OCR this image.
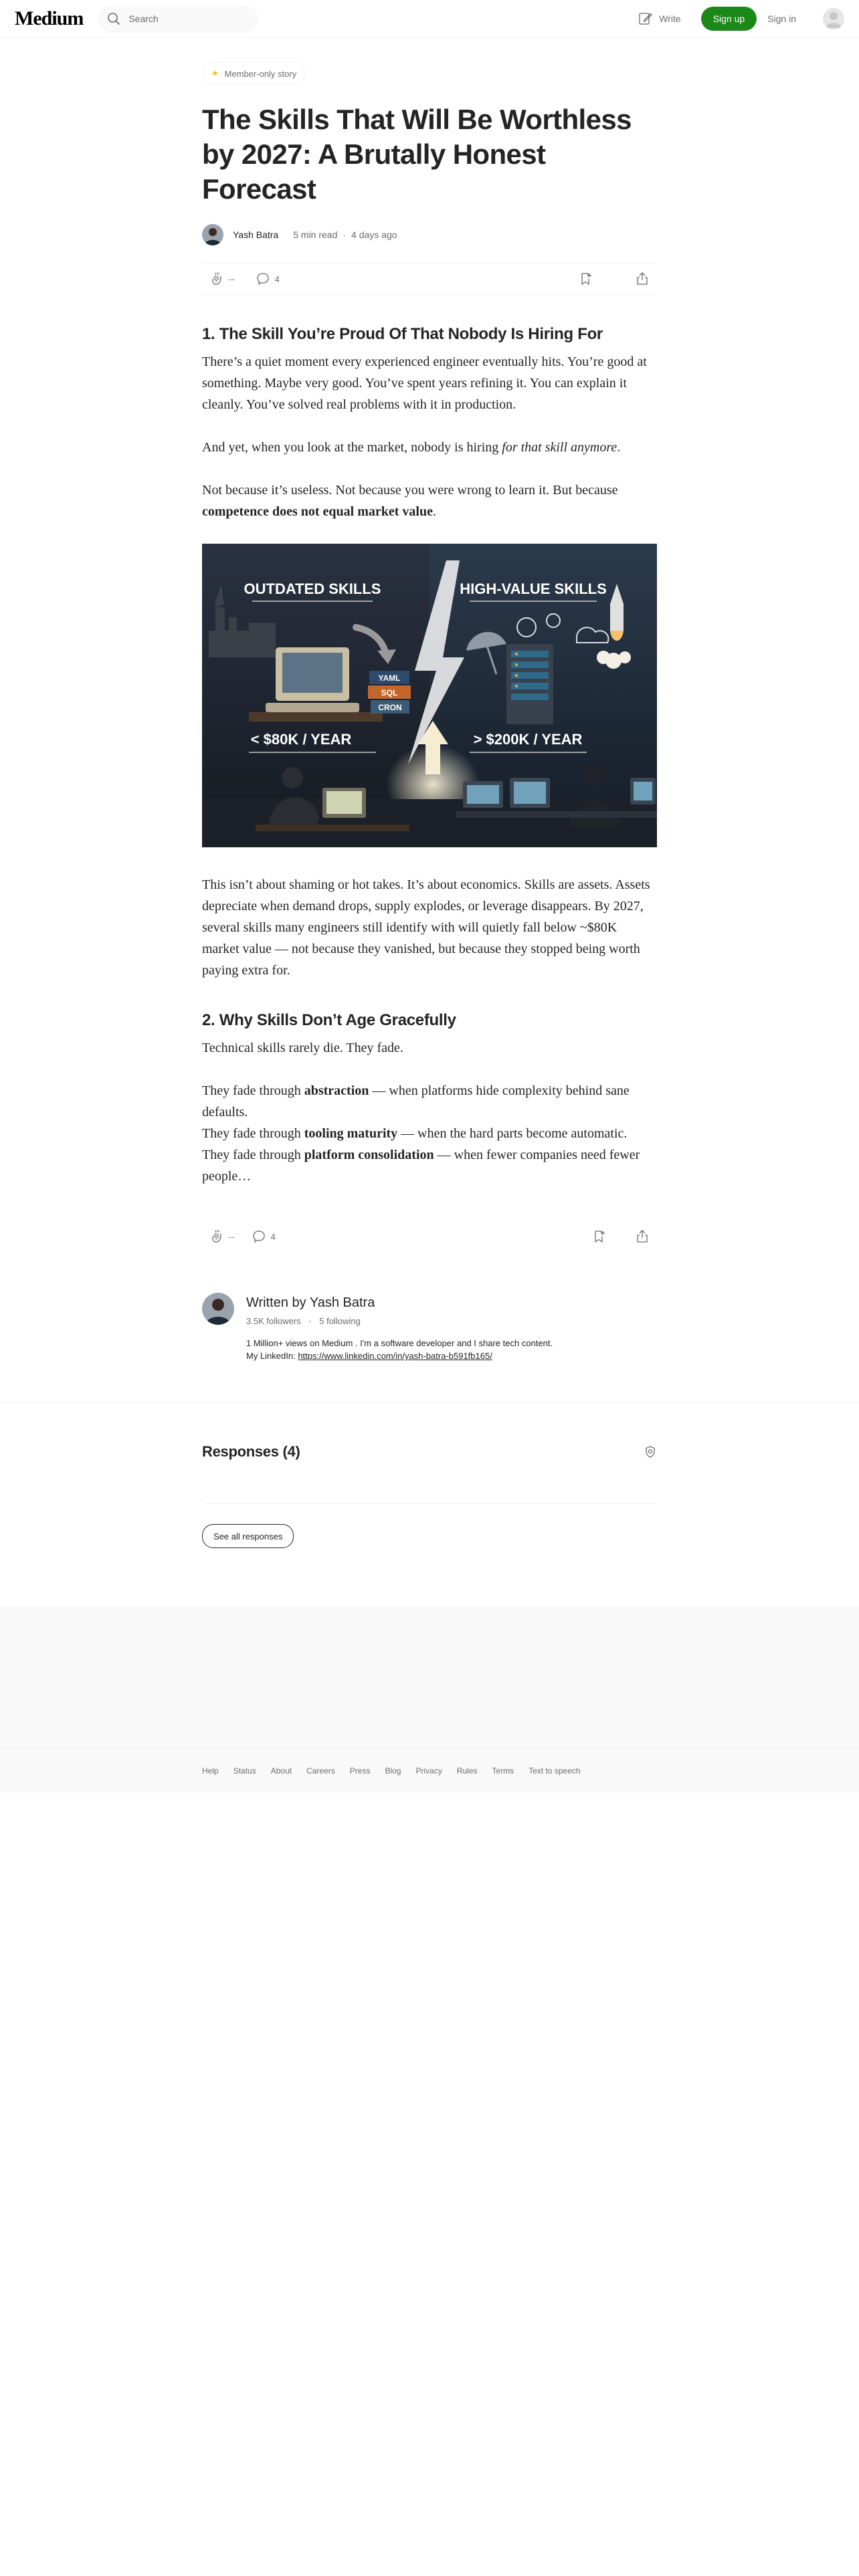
Medium	Search	Write	Sign up	Sign in
✦ Member-only story
The Skills That Will Be Worthless by 2027: A Brutally Honest Forecast
Yash Batra 5 min read · 4 days ago
--	4
1. The Skill You’re Proud Of That Nobody Is Hiring For

There’s a quiet moment every experienced engineer eventually hits. You’re good at something. Maybe very good. You’ve spent years refining it. You can explain it cleanly. You’ve solved real problems with it in production.

And yet, when you look at the market, nobody is hiring for that skill anymore.

Not because it’s useless. Not because you were wrong to learn it. But because competence does not equal market value.

OUTDATED SKILLS	HIGH-VALUE SKILLS
YAML
SQL
CRON
< $80K / YEAR	> $200K / YEAR

This isn’t about shaming or hot takes. It’s about economics. Skills are assets. Assets depreciate when demand drops, supply explodes, or leverage disappears. By 2027, several skills many engineers still identify with will quietly fall below ~$80K market value — not because they vanished, but because they stopped being worth paying extra for.

2. Why Skills Don’t Age Gracefully

Technical skills rarely die. They fade.

They fade through abstraction — when platforms hide complexity behind sane defaults.

They fade through tooling maturity — when the hard parts become automatic.

They fade through platform consolidation — when fewer companies need fewer people…

--	4
Written by Yash Batra
3.5K followers · 5 following
1 Million+ views on Medium . I'm a software developer and I share tech content.
My LinkedIn: https://www.linkedin.com/in/yash-batra-b591fb165/
Responses (4)
See all responses
Help Status About Careers Press Blog Privacy Rules Terms Text to speech
